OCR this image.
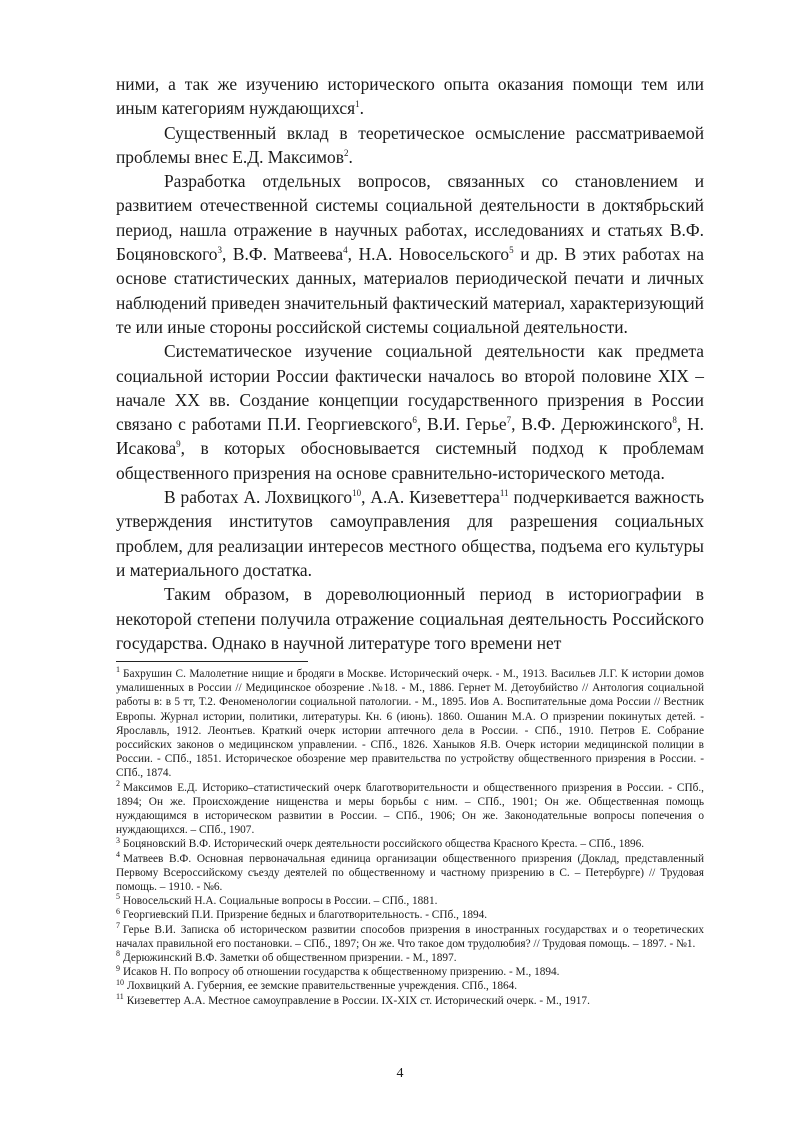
ними, а так же изучению исторического опыта оказания помощи тем или иным категориям нуждающихся$^1$.

Существенный вклад в теоретическое осмысление рассматриваемой проблемы внес Е.Д. Максимов$^2$.

Разработка отдельных вопросов, связанных со становлением и развитием отечественной системы социальной деятельности в доктябрьский период, нашла отражение в научных работах, исследованиях и статьях В.Ф. Боцяновского$^3$, В.Ф. Матвеева$^4$, Н.А. Новосельского$^5$ и др. В этих работах на основе статистических данных, материалов периодической печати и личных наблюдений приведен значительный фактический материал, характеризующий те или иные стороны российской системы социальной деятельности.

Систематическое изучение социальной деятельности как предмета социальной истории России фактически началось во второй половине XIX – начале XX вв. Создание концепции государственного призрения в России связано с работами П.И. Георгиевского$^6$, В.И. Герье$^7$, В.Ф. Дерюжинского$^8$, Н. Исакова$^9$, в которых обосновывается системный подход к проблемам общественного призрения на основе сравнительно-исторического метода.

В работах А. Лохвицкого$^{10}$, А.А. Кизеветтера$^{11}$ подчеркивается важность утверждения институтов самоуправления для разрешения социальных проблем, для реализации интересов местного общества, подъема его культуры и материального достатка.

Таким образом, в дореволюционный период в историографии в некоторой степени получила отражение социальная деятельность Российского государства. Однако в научной литературе того времени нет

$^1$ Бахрушин С. Малолетние нищие и бродяги в Москве. Исторический очерк. - М., 1913. Васильев Л.Г. К истории домов умалишенных в России // Медицинское обозрение .№18. - М., 1886. Гернет М. Детоубийство // Антология социальной работы в: в 5 тт, Т.2. Феноменологии социальной патологии. - М., 1895. Иов А. Воспитательные дома России // Вестник Европы. Журнал истории, политики, литературы. Кн. 6 (июнь). 1860. Ошанин М.А. О призрении покинутых детей. - Ярославль, 1912. Леонтьев. Краткий очерк истории аптечного дела в России. - СПб., 1910. Петров Е. Собрание российских законов о медицинском управлении. - СПб., 1826. Ханыков Я.В. Очерк истории медицинской полиции в России. - СПб., 1851. Историческое обозрение мер правительства по устройству общественного призрения в России. - СПб., 1874.

$^2$ Максимов Е.Д. Историко–статистический очерк благотворительности и общественного призрения в России. - СПб., 1894; Он же. Происхождение нищенства и меры борьбы с ним. – СПб., 1901; Он же. Общественная помощь нуждающимся в историческом развитии в России. – СПб., 1906; Он же. Законодательные вопросы попечения о нуждающихся. – СПб., 1907.

$^3$ Боцяновский В.Ф. Исторический очерк деятельности российского общества Красного Креста. – СПб., 1896.

$^4$ Матвеев В.Ф. Основная первоначальная единица организации общественного призрения (Доклад, представленный Первому Всероссийскому съезду деятелей по общественному и частному призрению в С. – Петербурге) // Трудовая помощь. – 1910. - №6.

$^5$ Новосельский Н.А. Социальные вопросы в России. – СПб., 1881.

$^6$ Георгиевский П.И. Призрение бедных и благотворительность. - СПб., 1894.

$^7$ Герье В.И. Записка об историческом развитии способов призрения в иностранных государствах и о теоретических началах правильной его постановки. – СПб., 1897; Он же. Что такое дом трудолюбия? // Трудовая помощь. – 1897. - №1.

$^8$ Дерюжинский В.Ф. Заметки об общественном призрении. - М., 1897.

$^9$ Исаков Н. По вопросу об отношении государства к общественному призрению. - М., 1894.

$^{10}$ Лохвицкий А. Губерния, ее земские правительственные учреждения. СПб., 1864.

$^{11}$ Кизеветтер А.А. Местное самоуправление в России. IX-XIX ст. Исторический очерк. - М., 1917.

4
